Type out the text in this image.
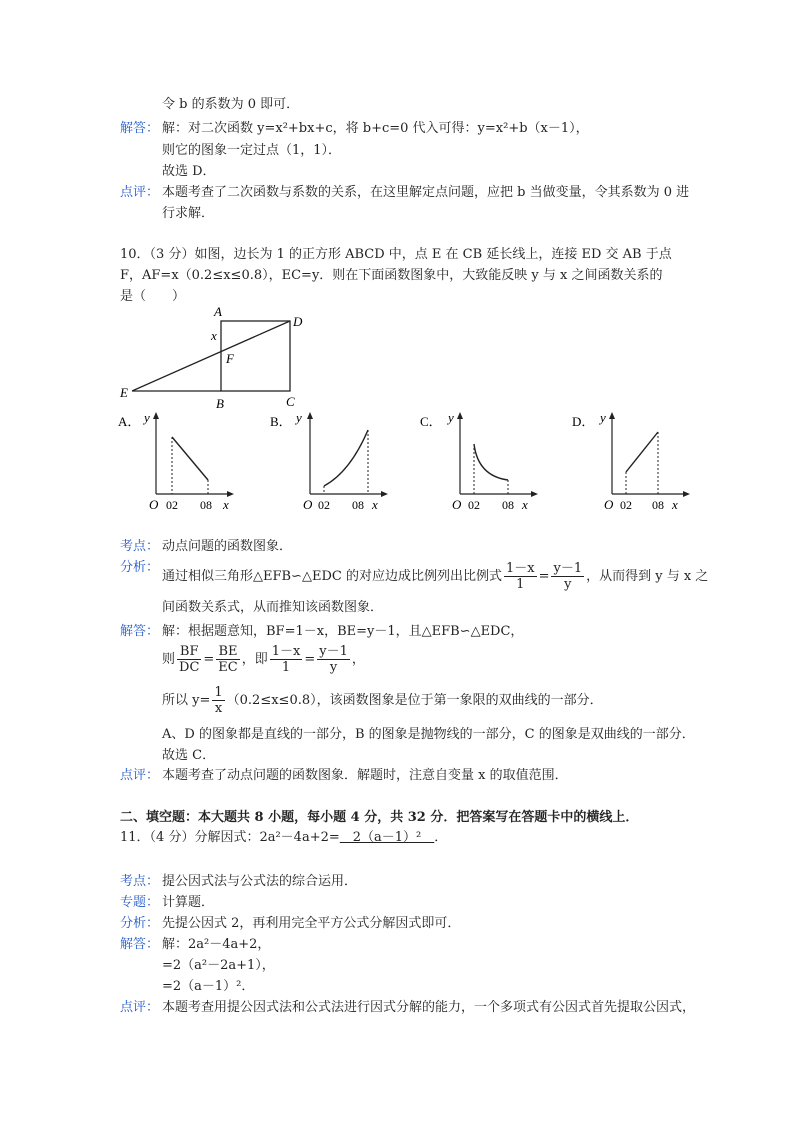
令 b 的系数为 0 即可．
解答： 解：对二次函数 y=x²+bx+c，将 b+c=0 代入可得：y=x²+b（x－1），
则它的图象一定过点（1，1）．
故选 D．
点评： 本题考查了二次函数与系数的关系，在这里解定点问题，应把 b 当做变量，令其系数为 0 进
行求解．
10．（3 分）如图，边长为 1 的正方形 ABCD 中，点 E 在 CB 延长线上，连接 ED 交 AB 于点
F，AF=x（0.2≤x≤0.8），EC=y．则在下面函数图象中，大致能反映 y 与 x 之间函数关系的
是（　　）
A
D
x
F
E
B	C
A． y
O 02 08 x
B． y
O 02 08 x
C． y
O 02 08 x
D． y
O 02 08 x
考点： 动点问题的函数图象．
分析：
通过相似三角形△EFB∽△EDC 的对应边成比例列出比例式 $\frac{1-x}{1} = \frac{y-1}{y}$ ，从而得到 y 与 x 之
间函数关系式，从而推知该函数图象．
解答： 解：根据题意知，BF=1－x，BE=y－1，且△EFB∽△EDC，
则 $\frac{BF}{DC} = \frac{BE}{EC}$ ，即 $\frac{1-x}{1} = \frac{y-1}{y}$ ，
所以 $y= \frac{1}{x} (0.2\le x\le 0.8)$，该函数图象是位于第一象限的双曲线的一部分．
A、D 的图象都是直线的一部分，B 的图象是抛物线的一部分，C 的图象是双曲线的一部分．
故选 C．
点评： 本题考查了动点问题的函数图象．解题时，注意自变量 x 的取值范围．
二、填空题：本大题共 8 小题，每小题 4 分，共 32 分．把答案写在答题卡中的横线上．
11．（4 分）分解因式：2a²－4a+2=　2（a－1）²　．
考点： 提公因式法与公式法的综合运用．
专题： 计算题．
分析： 先提公因式 2，再利用完全平方公式分解因式即可．
解答： 解：2a²－4a+2，
=2（a²－2a+1），
=2（a－1）²．
点评： 本题考查用提公因式法和公式法进行因式分解的能力，一个多项式有公因式首先提取公因式，
